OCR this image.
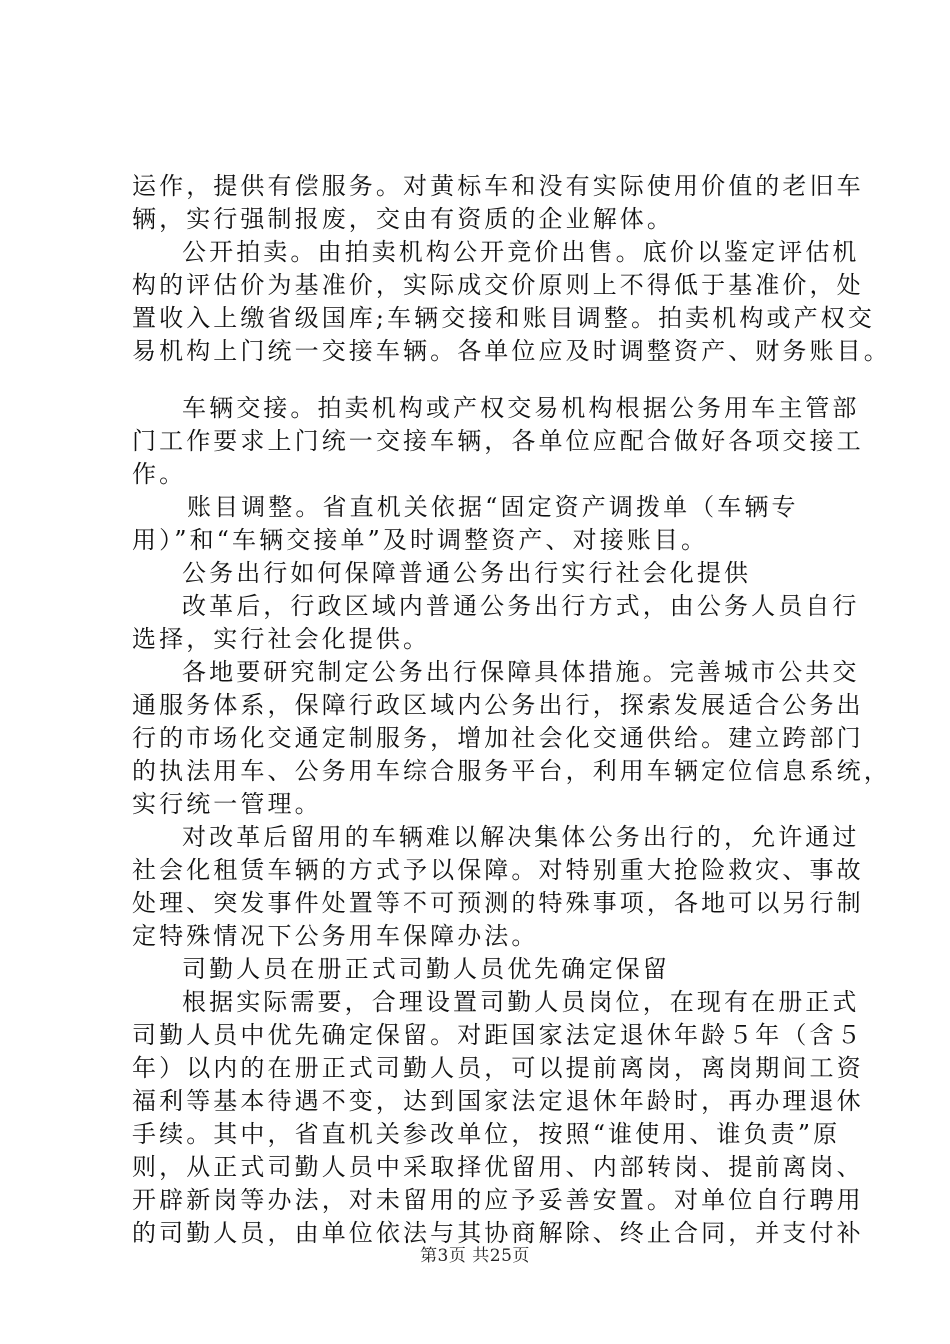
运作，提供有偿服务。对黄标车和没有实际使用价值的老旧车
辆，实行强制报废，交由有资质的企业解体。
公开拍卖。由拍卖机构公开竞价出售。底价以鉴定评估机
构的评估价为基准价，实际成交价原则上不得低于基准价，处
置收入上缴省级国库;车辆交接和账目调整。拍卖机构或产权交
易机构上门统一交接车辆。各单位应及时调整资产、财务账目。
车辆交接。拍卖机构或产权交易机构根据公务用车主管部
门工作要求上门统一交接车辆，各单位应配合做好各项交接工
作。
账目调整。省直机关依据“固定资产调拨单（车辆专
用）”和“车辆交接单”及时调整资产、对接账目。
公务出行如何保障普通公务出行实行社会化提供
改革后，行政区域内普通公务出行方式，由公务人员自行
选择，实行社会化提供。
各地要研究制定公务出行保障具体措施。完善城市公共交
通服务体系，保障行政区域内公务出行，探索发展适合公务出
行的市场化交通定制服务，增加社会化交通供给。建立跨部门
的执法用车、公务用车综合服务平台，利用车辆定位信息系统，
实行统一管理。
对改革后留用的车辆难以解决集体公务出行的，允许通过
社会化租赁车辆的方式予以保障。对特别重大抢险救灾、事故
处理、突发事件处置等不可预测的特殊事项，各地可以另行制
定特殊情况下公务用车保障办法。
司勤人员在册正式司勤人员优先确定保留
根据实际需要，合理设置司勤人员岗位，在现有在册正式
司勤人员中优先确定保留。对距国家法定退休年龄５年（含５
年）以内的在册正式司勤人员，可以提前离岗，离岗期间工资
福利等基本待遇不变，达到国家法定退休年龄时，再办理退休
手续。其中，省直机关参改单位，按照“谁使用、谁负责”原
则，从正式司勤人员中采取择优留用、内部转岗、提前离岗、
开辟新岗等办法，对未留用的应予妥善安置。对单位自行聘用
的司勤人员，由单位依法与其协商解除、终止合同，并支付补
第3页 共25页
